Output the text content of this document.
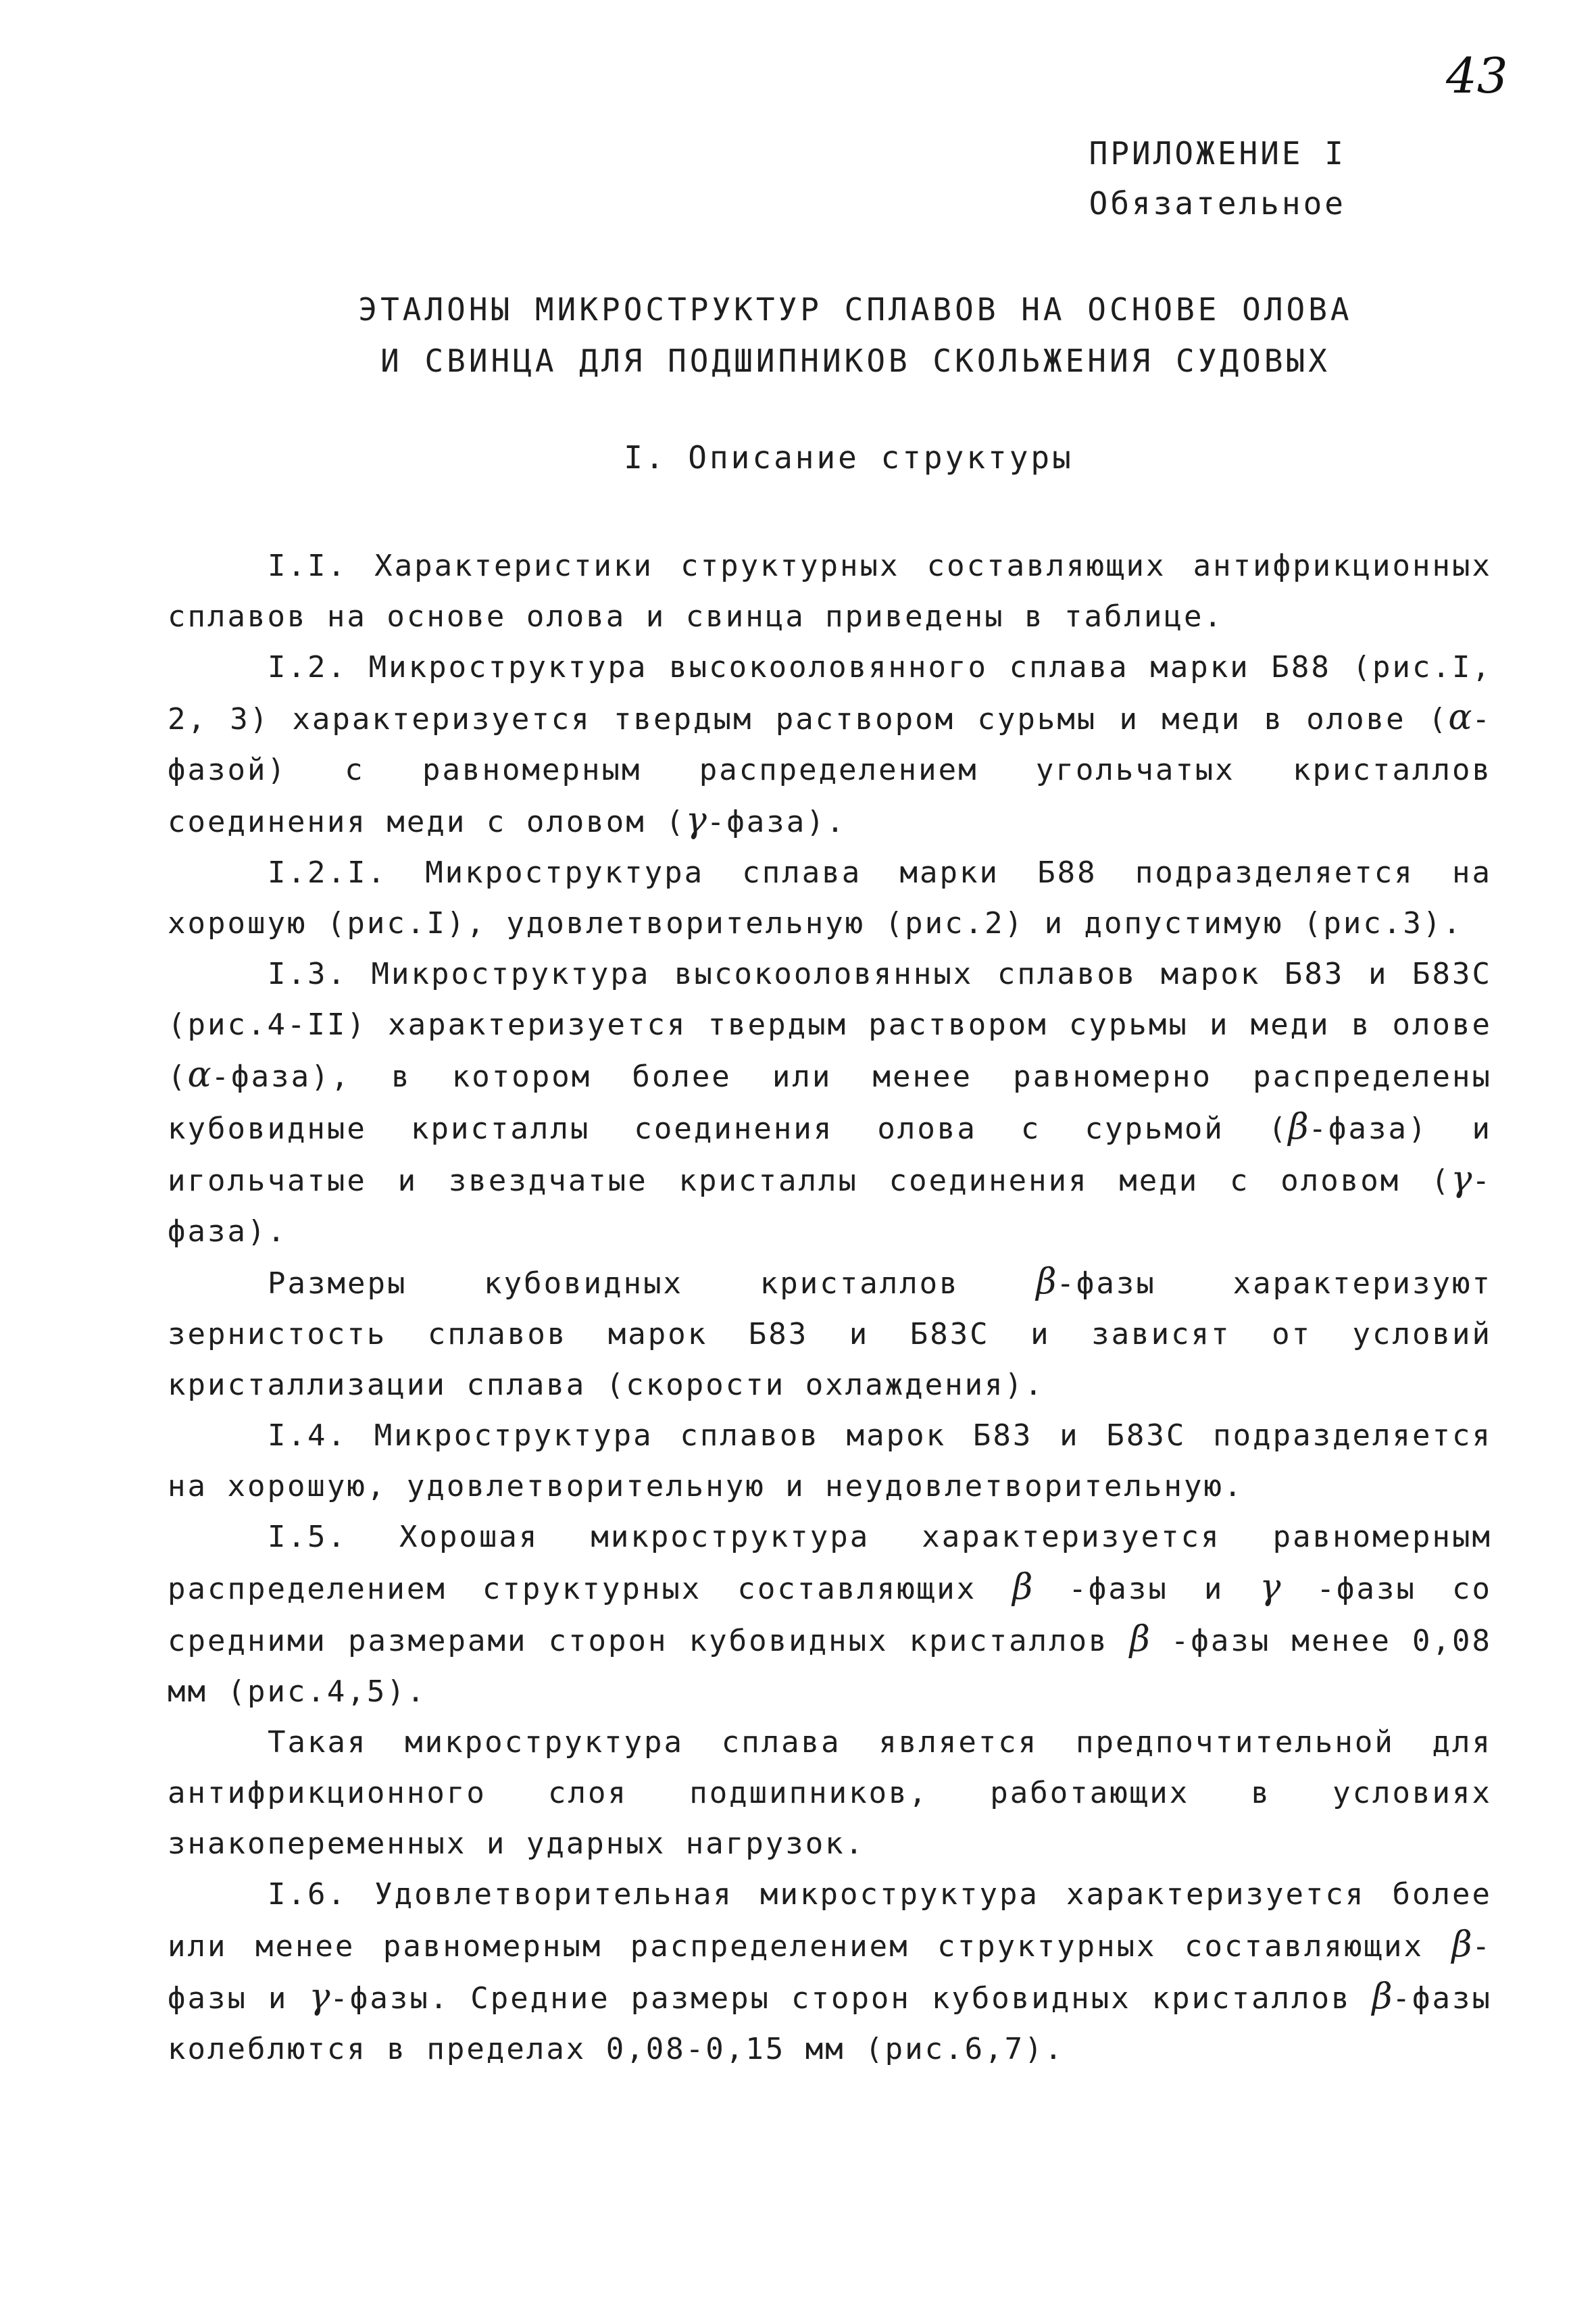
43
ПРИЛОЖЕНИЕ I
Обязательное
ЭТАЛОНЫ МИКРОСТРУКТУР СПЛАВОВ НА ОСНОВЕ ОЛОВА
И СВИНЦА ДЛЯ ПОДШИПНИКОВ СКОЛЬЖЕНИЯ СУДОВЫХ
I. Описание структуры

I.I. Характеристики структурных составляющих антифрикционных сплавов на основе олова и свинца приведены в таблице.

I.2. Микроструктура высокооловянного сплава марки Б88 (рис.I, 2, 3) характеризуется твердым раствором сурьмы и меди в олове (α-фазой) с равномерным распределением угольчатых кристаллов соединения меди с оловом (γ-фаза).

I.2.I. Микроструктура сплава марки Б88 подразделяется на хорошую (рис.I), удовлетворительную (рис.2) и допустимую (рис.3).

I.3. Микроструктура высокооловянных сплавов марок Б83 и Б83С (рис.4-II) характеризуется твердым раствором сурьмы и меди в олове (α-фаза), в котором более или менее равномерно распределены кубовидные кристаллы соединения олова с сурьмой (β-фаза) и игольчатые и звездчатые кристаллы соединения меди с оловом (γ-фаза).

Размеры кубовидных кристаллов β-фазы характеризуют зернистость сплавов марок Б83 и Б83С и зависят от условий кристаллизации сплава (скорости охлаждения).

I.4. Микроструктура сплавов марок Б83 и Б83С подразделяется на хорошую, удовлетворительную и неудовлетворительную.

I.5. Хорошая микроструктура характеризуется равномерным распределением структурных составляющих β -фазы и γ -фазы со средними размерами сторон кубовидных кристаллов β -фазы менее 0,08 мм (рис.4,5).

Такая микроструктура сплава является предпочтительной для антифрикционного слоя подшипников, работающих в условиях знакопеременных и ударных нагрузок.

I.6. Удовлетворительная микроструктура характеризуется более или менее равномерным распределением структурных составляющих β-фазы и γ-фазы. Средние размеры сторон кубовидных кристаллов β-фазы колеблются в пределах 0,08-0,15 мм (рис.6,7).
